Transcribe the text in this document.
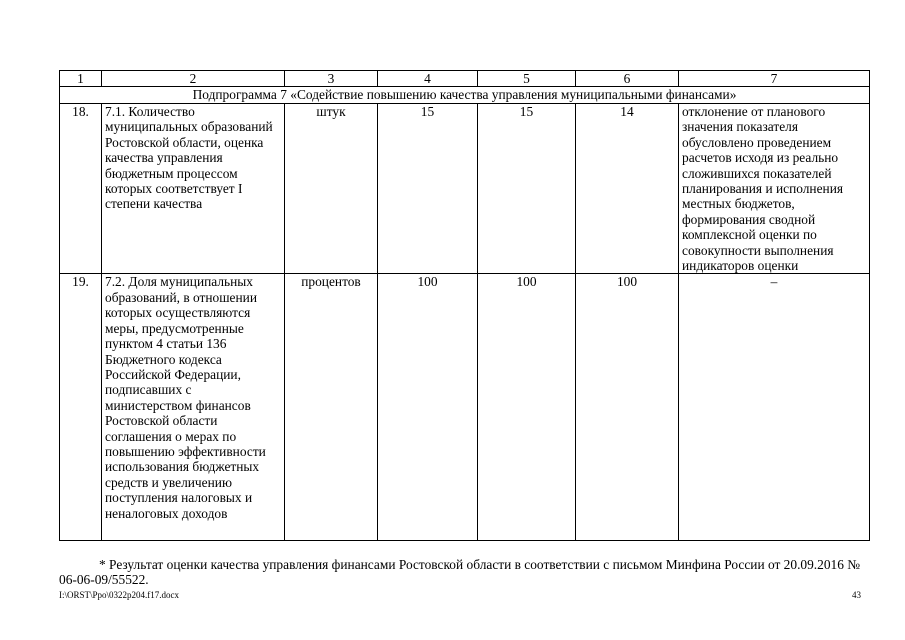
1	2	3	4	5	6	7
Подпрограмма 7 «Содействие повышению качества управления муниципальными финансами»						
18.	7.1. Количество муниципальных образований Ростовской области, оценка качества управления бюджетным процессом которых соответствует I степени качества	штук	15	15	14	отклонение от планового значения показателя обусловлено проведением расчетов исходя из реально сложившихся показателей планирования и исполнения местных бюджетов, формирования сводной комплексной оценки по совокупности выполнения индикаторов оценки
19.	7.2. Доля муниципальных образований, в отношении которых осуществляются меры, предусмотренные пунктом 4 статьи 136 Бюджетного кодекса Российской Федерации, подписавших с министерством финансов Ростовской области соглашения о мерах по повышению эффективности использования бюджетных средств и увеличению поступления налоговых и неналоговых доходов	процентов	100	100	100	–
* Результат оценки качества управления финансами Ростовской области в соответствии с письмом Минфина России от 20.09.2016 № 06-06-09/55522.
I:\ORST\Ppo\0322p204.f17.docx	43
